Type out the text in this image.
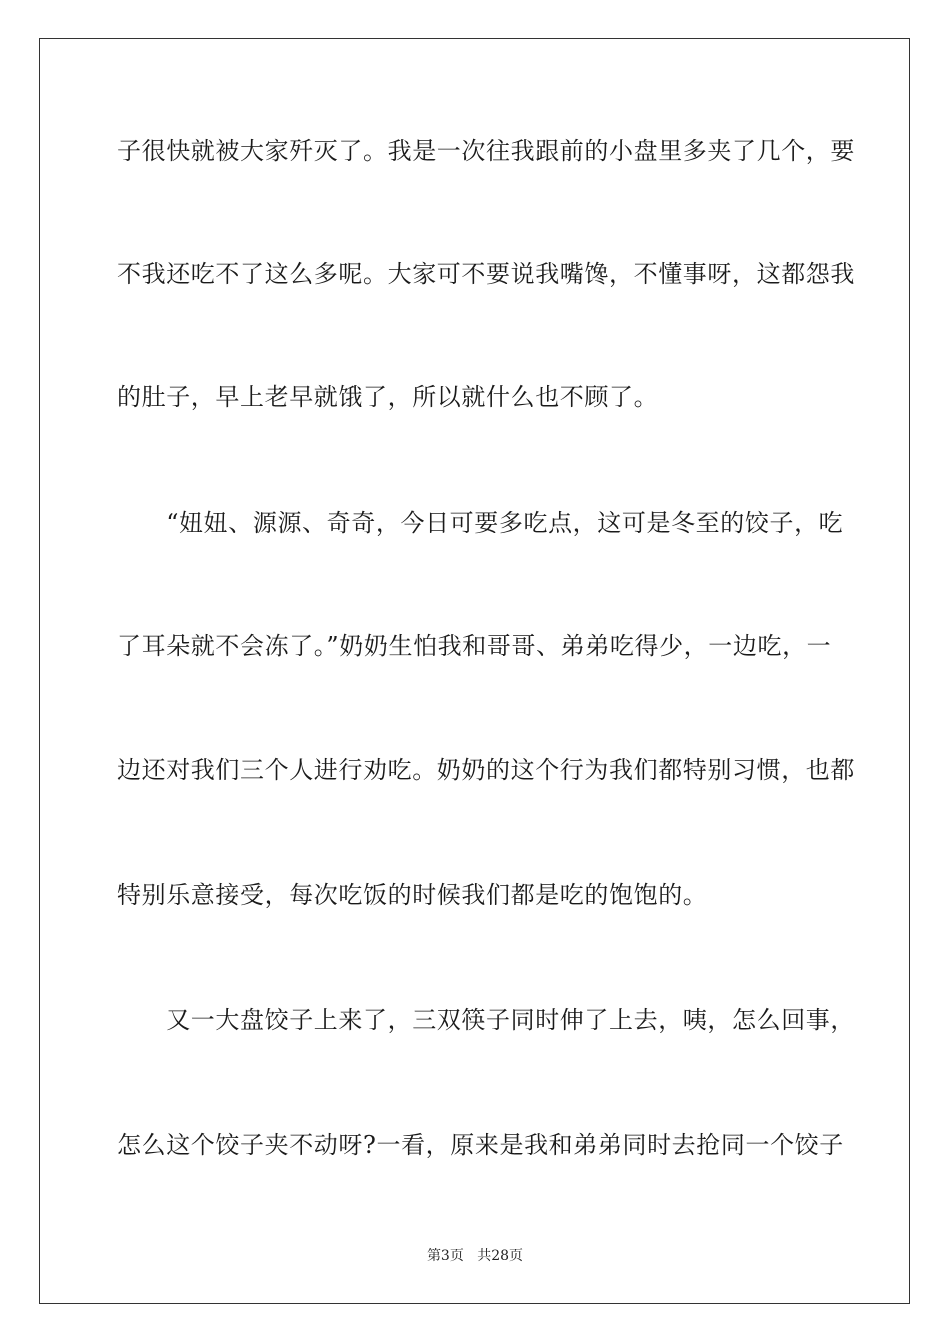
子很快就被大家歼灭了。我是一次往我跟前的小盘里多夹了几个，要
不我还吃不了这么多呢。大家可不要说我嘴馋，不懂事呀，这都怨我
的肚子，早上老早就饿了，所以就什么也不顾了。
　　“妞妞、源源、奇奇，今日可要多吃点，这可是冬至的饺子，吃
了耳朵就不会冻了。”奶奶生怕我和哥哥、弟弟吃得少，一边吃，一
边还对我们三个人进行劝吃。奶奶的这个行为我们都特别习惯，也都
特别乐意接受，每次吃饭的时候我们都是吃的饱饱的。
　　又一大盘饺子上来了，三双筷子同时伸了上去，咦，怎么回事，
怎么这个饺子夹不动呀?一看，原来是我和弟弟同时去抢同一个饺子
第3页 共28页
